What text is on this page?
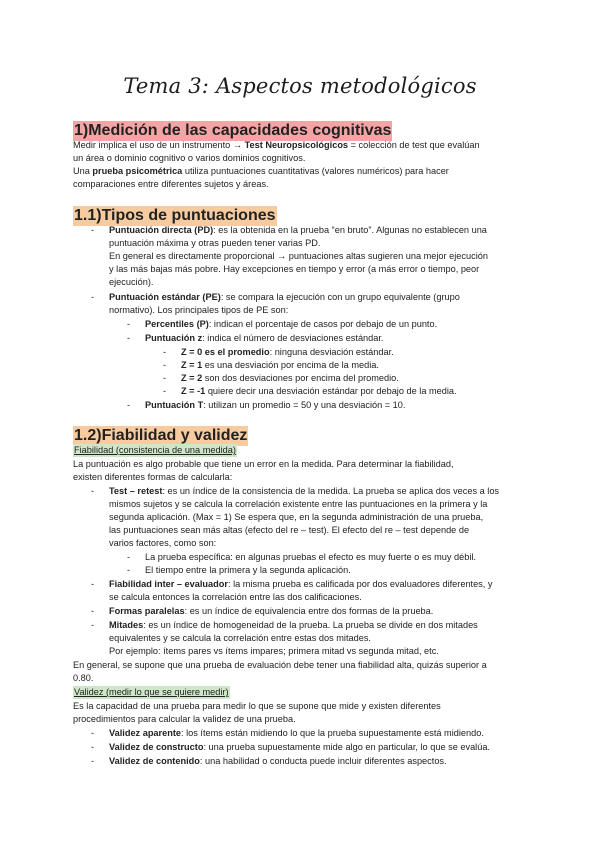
Tema 3: Aspectos metodológicos
1)Medición de las capacidades cognitivas
Medir implica el uso de un instrumento → Test Neuropsicológicos = colección de test que evalúan
un área o dominio cognitivo o varios dominios cognitivos.
Una prueba psicométrica utiliza puntuaciones cuantitativas (valores numéricos) para hacer
comparaciones entre diferentes sujetos y áreas.
1.1)Tipos de puntuaciones
- Puntuación directa (PD): es la obtenida en la prueba “en bruto”. Algunas no establecen una
puntuación máxima y otras pueden tener varias PD.
En general es directamente proporcional → puntuaciones altas sugieren una mejor ejecución
y las más bajas más pobre. Hay excepciones en tiempo y error (a más error o tiempo, peor
ejecución).
- Puntuación estándar (PE): se compara la ejecución con un grupo equivalente (grupo
normativo). Los principales tipos de PE son:
- Percentiles (P): indican el porcentaje de casos por debajo de un punto.
- Puntuación z: indica el número de desviaciones estándar.
- Z = 0 es el promedio: ninguna desviación estándar.
- Z = 1 es una desviación por encima de la media.
- Z = 2 son dos desviaciones por encima del promedio.
- Z = -1 quiere decir una desviación estándar por debajo de la media.
- Puntuación T: utilizan un promedio = 50 y una desviación = 10.
1.2)Fiabilidad y validez
Fiabilidad (consistencia de una medida)
La puntuación es algo probable que tiene un error en la medida. Para determinar la fiabilidad,
existen diferentes formas de calcularla:
- Test – retest: es un índice de la consistencia de la medida. La prueba se aplica dos veces a los
mismos sujetos y se calcula la correlación existente entre las puntuaciones en la primera y la
segunda aplicación. (Max = 1) Se espera que, en la segunda administración de una prueba,
las puntuaciones sean más altas (efecto del re – test). El efecto del re – test depende de
varios factores, como son:
- La prueba específica: en algunas pruebas el efecto es muy fuerte o es muy débil.
- El tiempo entre la primera y la segunda aplicación.
- Fiabilidad inter – evaluador: la misma prueba es calificada por dos evaluadores diferentes, y
se calcula entonces la correlación entre las dos calificaciones.
- Formas paralelas: es un índice de equivalencia entre dos formas de la prueba.
- Mitades: es un índice de homogeneidad de la prueba. La prueba se divide en dos mitades
equivalentes y se calcula la correlación entre estas dos mitades.
Por ejemplo: ítems pares vs ítems impares; primera mitad vs segunda mitad, etc.
En general, se supone que una prueba de evaluación debe tener una fiabilidad alta, quizás superior a
0.80.
Validez (medir lo que se quiere medir)
Es la capacidad de una prueba para medir lo que se supone que mide y existen diferentes
procedimientos para calcular la validez de una prueba.
- Validez aparente: los ítems están midiendo lo que la prueba supuestamente está midiendo.
- Validez de constructo: una prueba supuestamente mide algo en particular, lo que se evalúa.
- Validez de contenido: una habilidad o conducta puede incluir diferentes aspectos.
